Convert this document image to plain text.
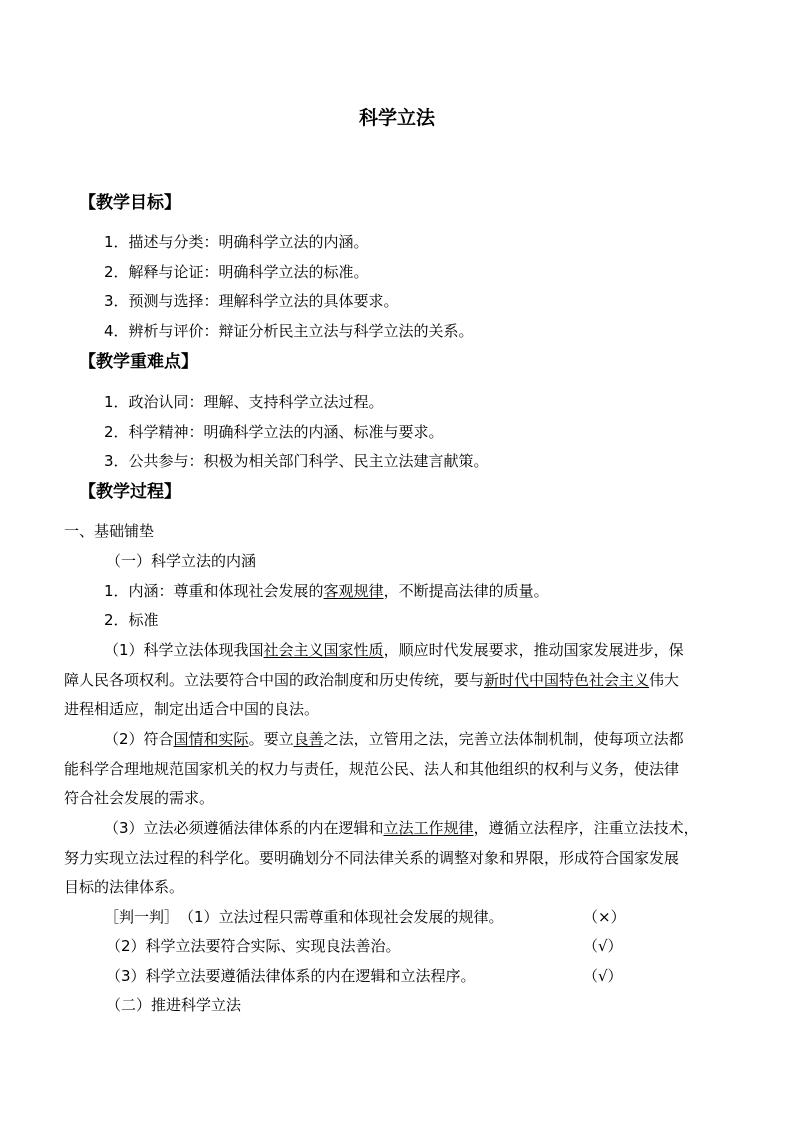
科学立法
【教学目标】
1．描述与分类：明确科学立法的内涵。
2．解释与论证：明确科学立法的标准。
3．预测与选择：理解科学立法的具体要求。
4．辨析与评价：辩证分析民主立法与科学立法的关系。
【教学重难点】
1．政治认同：理解、支持科学立法过程。
2．科学精神：明确科学立法的内涵、标准与要求。
3．公共参与：积极为相关部门科学、民主立法建言献策。
【教学过程】
一、基础铺垫
（一）科学立法的内涵
1．内涵：尊重和体现社会发展的客观规律，不断提高法律的质量。
2．标准
（1）科学立法体现我国社会主义国家性质，顺应时代发展要求，推动国家发展进步，保
障人民各项权利。立法要符合中国的政治制度和历史传统，要与新时代中国特色社会主义伟大
进程相适应，制定出适合中国的良法。
（2）符合国情和实际。要立良善之法，立管用之法，完善立法体制机制，使每项立法都
能科学合理地规范国家机关的权力与责任，规范公民、法人和其他组织的权利与义务，使法律
符合社会发展的需求。
（3）立法必须遵循法律体系的内在逻辑和立法工作规律，遵循立法程序，注重立法技术，
努力实现立法过程的科学化。要明确划分不同法律关系的调整对象和界限，形成符合国家发展
目标的法律体系。
［判一判］　（1）立法过程只需尊重和体现社会发展的规律。	（×）
（2）科学立法要符合实际、实现良法善治。	（√）
（3）科学立法要遵循法律体系的内在逻辑和立法程序。	（√）
（二）推进科学立法
